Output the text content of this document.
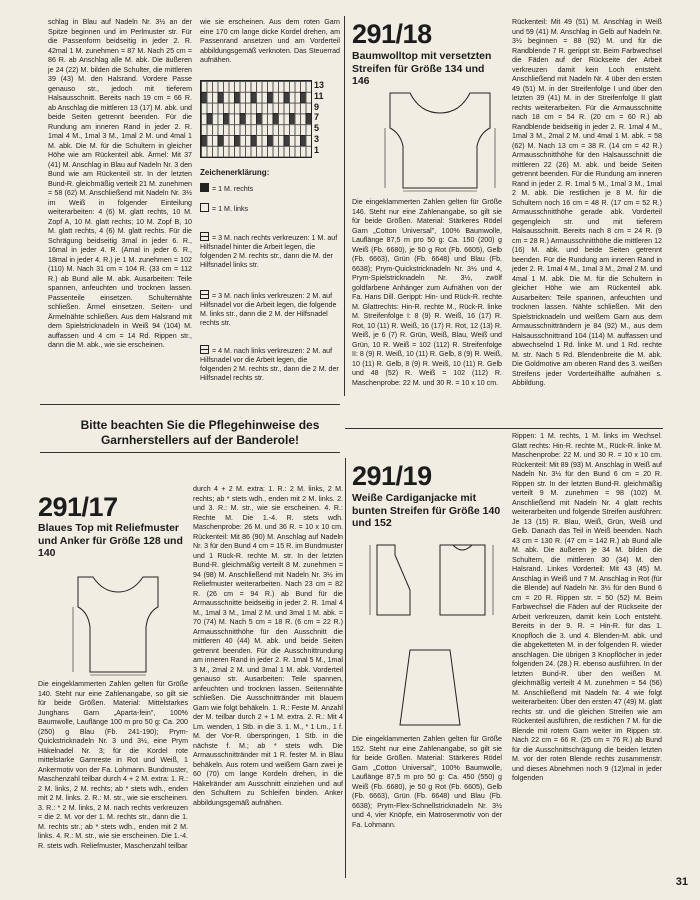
schlag in Blau auf Nadeln Nr. 3½ an der Spitze beginnen und im Perlmuster str. Für die Passenform beidseitig in jeder 2. R. 42mal 1 M. zunehmen = 87 M. Nach 25 cm = 86 R. ab Anschlag alle M. abk. Die äußeren je 24 (22) M. bilden die Schulter, die mittleren 39 (43) M. den Halsrand. Vordere Passe genauso str., jedoch mit tieferem Halsausschnitt. Bereits nach 19 cm = 66 R. ab Anschlag die mittleren 13 (17) M. abk. und beide Seiten getrennt beenden. Für die Rundung am inneren Rand in jeder 2. R. 1mal 4 M., 1mal 3 M., 1mal 2 M. und 4mal 1 M. abk. Die M. für die Schultern in gleicher Höhe wie am Rückenteil abk. Ärmel: Mit 37 (41) M. Anschlag in Blau auf Nadeln Nr. 3 den Bund wie am Rückenteil str. In der letzten Bund-R. gleichmäßig verteilt 21 M. zunehmen = 58 (62) M. Anschließend mit Nadeln Nr. 3½ im Weiß in folgender Einteilung weiterarbeiten: 4 (6) M. glatt rechts, 10 M. Zopf A, 10 M. glatt rechts; 10 M. Zopf B, 10 M. glatt rechts, 4 (6) M. glatt rechts. Für die Schrägung beidseitig 3mal in jeder 6. R., 16mal in jeder 4. R. (Amal in jeder 6. R., 18mal in jeder 4. R.) je 1 M. zunehmen = 102 (110) M. Nach 31 cm = 104 R. (33 cm = 112 R.) ab Bund alle M. abk. Ausarbeiten: Teile spannen, anfeuchten und trocknen lassen. Passenteile einsetzen. Schulternähte schließen. Ärmel einsetzen. Seiten- und Ärmelnähte schließen. Aus dem Halsrand mit dem Spielstricknadeln in Weiß 94 (104) M. auffassen und 4 cm = 14 Rd. Rippen str., dann die M. abk., wie sie erscheinen.

wie sie erscheinen. Aus dem roten Garn eine 170 cm lange dicke Kordel drehen, am Passenrand ansetzen und am Vorderteil abbildungsgemäß verknoten. Das Steuerrad aufnähen.

13
11
9
7
5
3
1
Zeichenerklärung:
= 1 M. rechts
= 1 M. links
= 3 M. nach rechts verkreuzen: 1 M. auf Hilfsnadel hinter die Arbeit legen, die folgenden 2 M. rechts str., dann die M. der Hilfsnadel links str.
= 3 M. nach links verkreuzen: 2 M. auf Hilfsnadel vor die Arbeit legen, die folgende M. links str., dann die 2 M. der Hilfsnadel rechts str.
= 4 M. nach links verkreuzen: 2 M. auf Hilfsnadel vor die Arbeit legen, die folgenden 2 M. rechts str., dann die 2 M. der Hilfsnadel rechts str.
291/18
Baumwolltop mit versetzten Streifen für Größe 134 und 146

Die eingeklammerten Zahlen gelten für Größe 146. Steht nur eine Zahlenangabe, so gilt sie für beide Größen. Material: Stärkeres Rödel Garn „Cotton Universal", 100% Baumwolle, Lauflänge 87,5 m pro 50 g: Ca. 150 (200) g Weiß (Fb. 6680), je 50 g Rot (Fb. 6605), Gelb (Fb. 6663), Grün (Fb. 6648) und Blau (Fb. 6638); Prym-Quickstricknadeln Nr. 3½ und 4, Prym-Spielstricknadeln Nr. 3½, zwölf goldfarbene Anhänger zum Aufnähen von der Fa. Hans Dill. Gerippt: Hin- und Rück-R. rechte M. Glattrechts: Hin-R. rechte M., Rück-R. linke M. Streifenfolge I: 8 (9) R. Weiß, 16 (17) R. Rot, 10 (11) R. Weiß, 16 (17) R. Rot, 12 (13) R. Weiß, je 6 (7) R. Grün, Weiß, Blau, Weiß und Grün, 10 R. Weiß = 102 (112) R. Streifenfolge II: 8 (9) R. Weiß, 10 (11) R. Gelb, 8 (9) R. Weiß, 10 (11) R. Gelb, 8 (9) R. Weiß, 10 (11) R. Gelb und 48 (52) R. Weiß = 102 (112) R. Maschenprobe: 22 M. und 30 R. = 10 x 10 cm.

Rückenteil: Mit 49 (51) M. Anschlag in Weiß und 59 (41) M. Anschlag in Gelb auf Nadeln Nr. 3½ beginnen = 88 (92) M. und für die Randblende 7 R. gerippt str. Beim Farbwechsel die Fäden auf der Rückseite der Arbeit verkreuzen damit kein Loch entsteht. Anschließend mit Nadeln Nr. 4 über den ersten 49 (51) M. in der Streifenfolge I und über den letzten 39 (41) M. in der Streifenfolge II glatt rechts weiterarbeiten. Für die Armausschnitte nach 18 cm = 54 R. (20 cm = 60 R.) ab Randblende beidseitig in jeder 2. R. 1mal 4 M., 1mal 3 M., 2mal 2 M. und 4mal 1 M. abk. = 58 (62) M. Nach 13 cm = 38 R. (14 cm = 42 R.) Armausschnitthöhe für den Halsausschnitt die mittleren 22 (26) M. abk. und beide Seiten getrennt beenden. Für die Rundung am inneren Rand in jeder 2. R. 1mal 5 M., 1mal 3 M., 1mal 2 M. abk. Die restlichen je 8 M. für die Schultern noch 16 cm = 48 R. (17 cm = 52 R.) Armausschnitthöhe gerade abk. Vorderteil gegengleich str. und mit tieferem Halsausschnitt. Bereits nach 8 cm = 24 R. (9 cm = 28 R.) Armausschnitthöhe die mittleren 12 (16) M. abk. und beide Seiten getrennt beenden. Für die Rundung am inneren Rand in jeder 2. R. 1mal 4 M., 1mal 3 M., 2mal 2 M. und 4mal 1 M. abk. Die M. für die Schultern in gleicher Höhe wie am Rückenteil abk. Ausarbeiten: Teile spannen, anfeuchten und trocknen lassen. Nähte schließen. Mit den Spielstricknadeln und weißem Garn aus dem Armausschnitträndern je 84 (92) M., aus dem Halsausschnittrand 104 (114) M. auffassen und abwechselnd 1 Rd. linke M. und 1 Rd. rechte M. str. Nach 5 Rd. Blendenbreite die M. abk. Die Goldmotive am oberen Rand des 3. weißen Streifens jeder Vorderteilhälfte aufnähen s. Abbildung.

Bitte beachten Sie die Pflegehinweise des Garnherstellers auf der Banderole!
291/17
Blaues Top mit Reliefmuster und Anker für Größe 128 und 140

Die eingeklammerten Zahlen gelten für Größe 140. Steht nur eine Zahlenangabe, so gilt sie für beide Größen. Material: Mittelstarkes Junghans Garn „Aparta-fein", 100% Baumwolle, Lauflänge 100 m pro 50 g: Ca. 200 (250) g Blau (Fb. 241-190); Prym-Quickstricknadeln Nr. 3 und 3½, eine Prym Häkelnadel Nr. 3; für die Kordel rote mittelstarke Garnreste in Rot und Weiß, 1 Ankermotiv von der Fa. Lohmann. Bundmuster, Maschenzahl teilbar durch 4 + 2 M. extra: 1. R.: 2 M. links, 2 M. rechts; ab * stets wdh., enden mit 2 M. links. 2. R.: M. str., wie sie erscheinen. 3. R.: * 2 M. links, 2 M. nach rechts verkreuzen = die 2. M. vor der 1. M. rechts str., dann die 1. M. rechts str.; ab * stets wdh., enden mit 2 M. links. 4. R.: M. str., wie sie erscheinen. Die 1.-4. R. stets wdh. Reliefmuster, Maschenzahl teilbar

durch 4 + 2 M. extra: 1. R.: 2 M. links, 2 M. rechts; ab * stets wdh., enden mit 2 M. links. 2. und 3. R.: M. str., wie sie erscheinen. 4. R.: Rechte M. Die 1.-4. R. stets wdh. Maschenprobe: 26 M. und 36 R. = 10 x 10 cm. Rückenteil: Mit 86 (90) M. Anschlag auf Nadeln Nr. 3 für den Bund 4 cm = 15 R. im Bundmuster und 1 Rück-R. rechte M. str. In der letzten Bund-R. gleichmäßig verteilt 8 M. zunehmen = 94 (98) M. Anschließend mit Nadeln Nr. 3½ im Reliefmuster weiterarbeiten. Nach 23 cm = 82 R. (26 cm = 94 R.) ab Bund für die Armausschnitte beidseitig in jeder 2. R. 1mal 4 M., 1mal 3 M., 1mal 2 M. und 3mal 1 M. abk. = 70 (74) M. Nach 5 cm = 18 R. (6 cm = 22 R.) Armausschnitthöhe für den Ausschnitt die mittleren 40 (44) M. abk. und beide Seiten getrennt beenden. Für die Ausschnittrundung am inneren Rand in jeder 2. R. 1mal 5 M., 1mal 3 M., 2mal 2 M. und 3mal 1 M. abk. Vorderteil genauso str. Ausarbeiten: Teile spannen, anfeuchten und trocknen lassen. Seitennähte schließen. Die Ausschnittränder mit blauem Garn wie folgt behäkeln. 1. R.: Feste M. Anzahl der M. teilbar durch 2 + 1 M. extra. 2. R.: Mit 4 Lm. wenden, 1 Stb. in die 3. 1. M., * 1 Lm., 1 f. M. der Vor-R. überspringen, 1 Stb. in die nächste f. M.; ab * stets wdh. Die Armausschnittränder mit 1 R. fester M. in Blau behäkeln. Aus rotem und weißem Garn zwei je 60 (70) cm lange Kordeln drehen, in die Häkelränder am Ausschnitt einziehen und auf den Schultern zu Schleifen binden. Anker abbildungsgemäß aufnähen.

291/19
Weiße Cardiganjacke mit bunten Streifen für Größe 140 und 152

Die eingeklammerten Zahlen gelten für Größe 152. Steht nur eine Zahlenangabe, so gilt sie für beide Größen. Material: Stärkeres Rödel Garn „Cotton Universal", 100% Baumwolle, Lauflänge 87,5 m pro 50 g: Ca. 450 (550) g Weiß (Fb. 6680), je 50 g Rot (Fb. 6605), Gelb (Fb. 6663), Grün (Fb. 6648) und Blau (Fb. 6638); Prym-Flex-Schnellstricknadeln Nr. 3½ und 4, vier Knöpfe, ein Matrosenmotiv von der Fa. Lohmann.

Rippen: 1 M. rechts, 1 M. links im Wechsel. Glatt rechts: Hin-R. rechte M., Rück-R. linke M. Maschenprobe: 22 M. und 30 R. = 10 x 10 cm. Rückenteil: Mit 89 (93) M. Anschlag in Weiß auf Nadeln Nr. 3½ für den Bund 6 cm = 20 R. Rippen str. In der letzten Bund-R. gleichmäßig verteilt 9 M. zunehmen = 98 (102) M. Anschließend mit Nadeln Nr. 4 glatt rechts weiterarbeiten und folgende Streifen ausführen: Je 13 (15) R. Blau, Weiß, Grün, Weiß und Gelb. Danach das Teil in Weiß beenden. Nach 43 cm = 130 R. (47 cm = 142 R.) ab Bund alle M. abk. Die äußeren je 34 M. bilden die Schultern, die mittleren 30 (34) M. den Halsrand. Linkes Vorderteil: Mit 43 (45) M. Anschlag in Weiß und 7 M. Anschlag in Rot (für die Blende) auf Nadeln Nr. 3½ für den Bund 6 cm = 20 R. Rippen str. = 50 (52) M. Beim Farbwechsel die Fäden auf der Rückseite der Arbeit verkreuzen, damit kein Loch entsteht. Bereits in der 9. R. = Hin-R. für das 1. Knopfloch die 3. und 4. Blenden-M. abk. und die abgeketteten M. in der folgenden R. wieder anschlagen. Die übrigen 3 Knopflöcher in jeder folgenden 24. (28.) R. ebenso ausführen. In der letzten Bund-R. über den weißen M. gleichmäßig verteilt 4 M. zunehmen = 54 (56) M. Anschließend mit Nadeln Nr. 4 wie folgt weiterarbeiten: Über den ersten 47 (49) M. glatt rechts str. und die gleichen Streifen wie am Rückenteil ausführen, die restlichen 7 M. für die Blende mit rotem Garn weiter im Rippen str. Nach 22 cm = 66 R. (25 cm = 76 R.) ab Bund für die Ausschnittschrägung die beiden letzten M. vor der roten Blende rechts zusammenstr. und dieses Abnehmen noch 9 (12)mal in jeder folgenden

31
